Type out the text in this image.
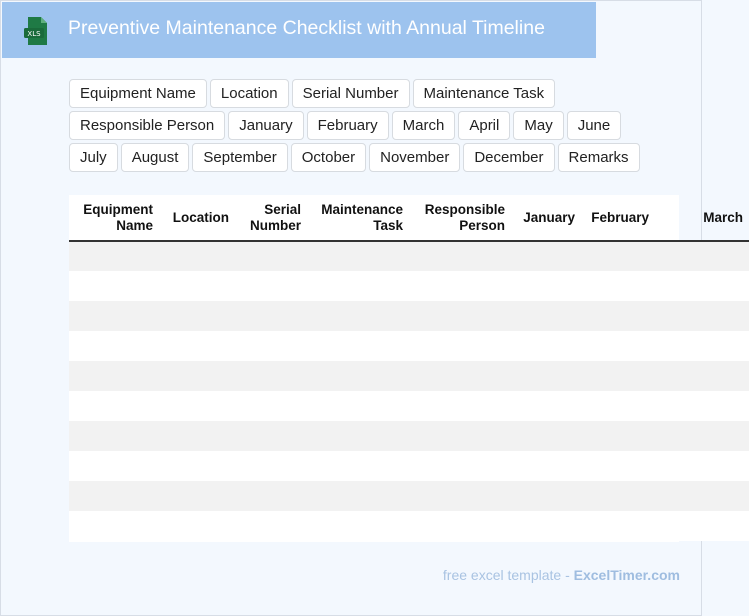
XLS Preventive Maintenance Checklist with Annual Timeline
Equipment Name	Location	Serial Number	Maintenance Task
Responsible Person	January	February	March	April	May	June
July	August	September	October	November	December	Remarks
Equipment Name	Location	Serial Number	Maintenance Task	Responsible Person	January	February	March

free excel template - ExcelTimer.com
